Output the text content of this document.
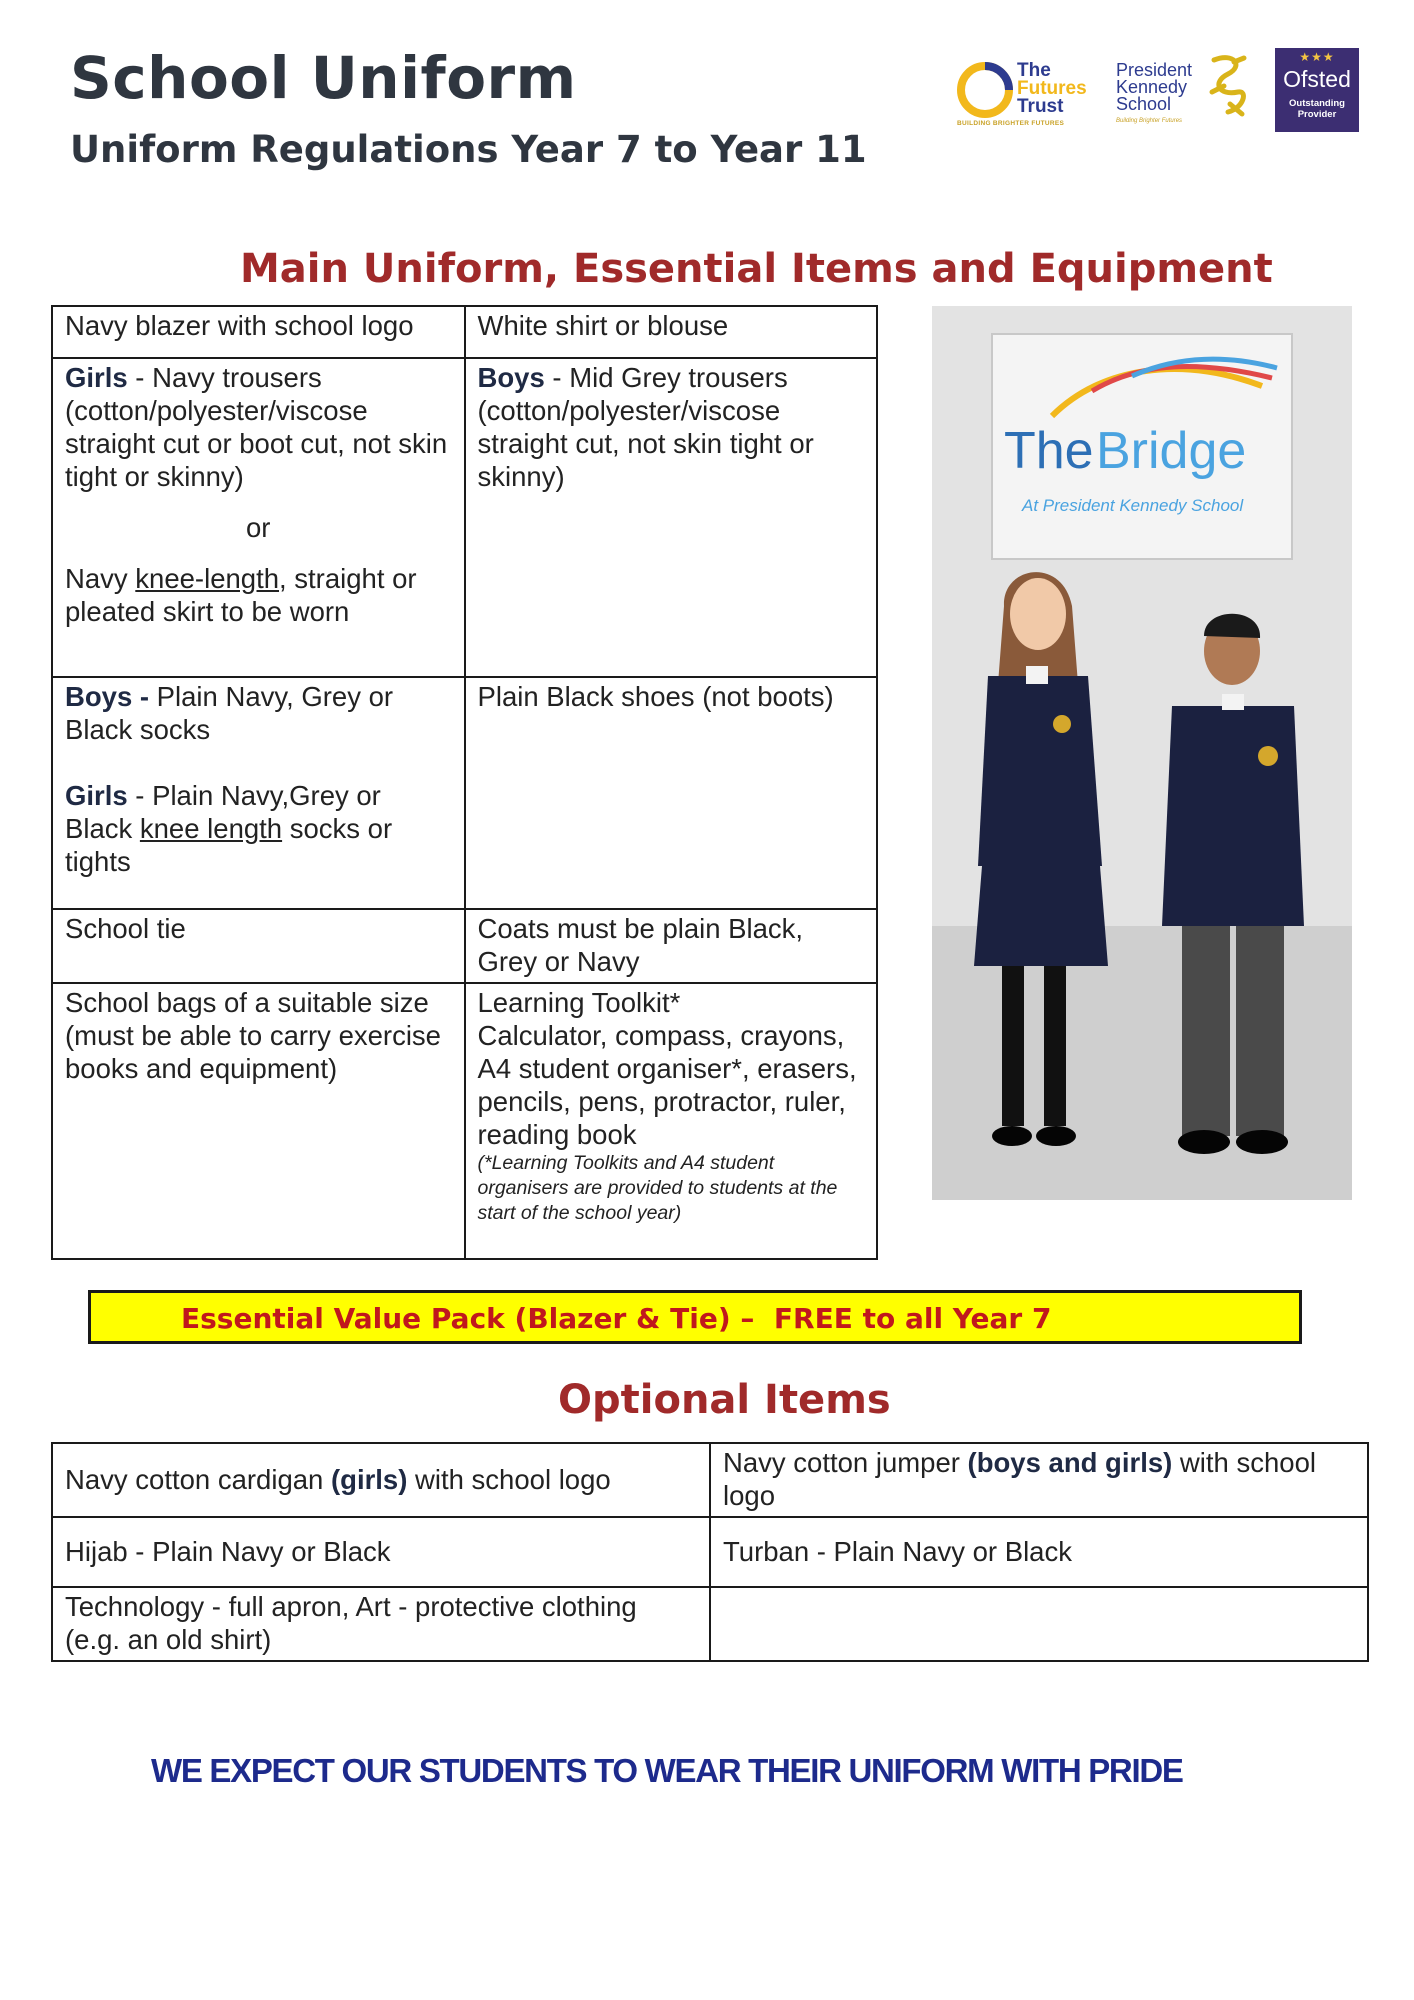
School Uniform
Uniform Regulations Year 7 to Year 11
The
Futures
Trust
BUILDING BRIGHTER FUTURES
President
Kennedy
School
Building Brighter Futures
★★★
Ofsted
Outstanding
Provider
Main Uniform, Essential Items and Equipment
Navy blazer with school logo	White shirt or blouse
Girls - Navy trousers (cotton/polyester/viscose straight cut or boot cut, not skin tight or skinny)
or
Navy knee-length, straight or pleated skirt to be worn	Boys - Mid Grey trousers (cotton/polyester/viscose straight cut, not skin tight or skinny)
Boys - Plain Navy, Grey or Black socks
Girls - Plain Navy,Grey or Black knee length socks or tights	Plain Black shoes (not boots)
School tie	Coats must be plain Black, Grey or Navy
School bags of a suitable size (must be able to carry exercise books and equipment)	Learning Toolkit*
Calculator, compass, crayons, A4 student organiser*, erasers, pencils, pens, protractor, ruler, reading book
(*Learning Toolkits and A4 student organisers are provided to students at the start of the school year)
The Bridge
At President Kennedy School
Essential Value Pack (Blazer & Tie) –  FREE to all Year 7
Optional Items
Navy cotton cardigan (girls) with school logo	Navy cotton jumper (boys and girls) with school logo
Hijab - Plain Navy or Black	Turban - Plain Navy or Black
Technology - full apron, Art - protective clothing (e.g. an old shirt)	
WE EXPECT OUR STUDENTS TO WEAR THEIR UNIFORM WITH PRIDE
